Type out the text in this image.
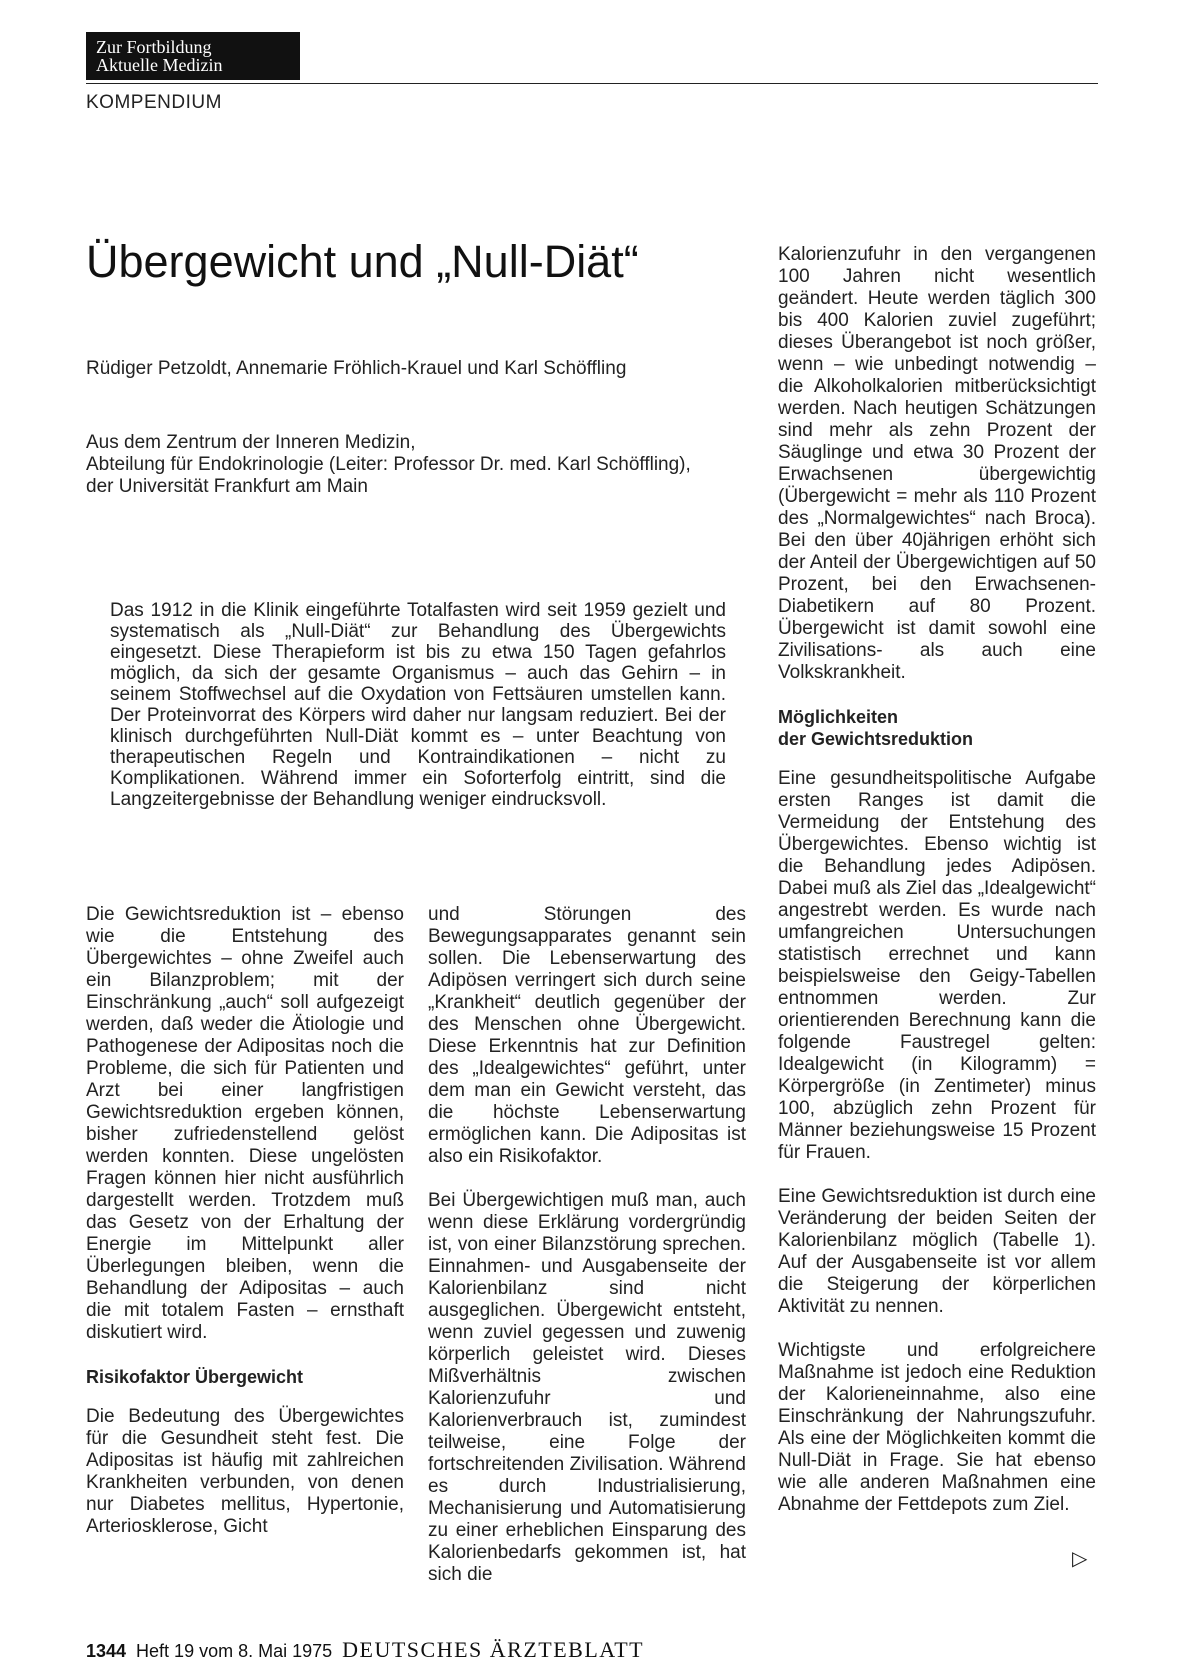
Zur Fortbildung
Aktuelle Medizin
KOMPENDIUM
Übergewicht und „Null-Diät“
Rüdiger Petzoldt, Annemarie Fröhlich-Krauel und Karl Schöffling
Aus dem Zentrum der Inneren Medizin,
Abteilung für Endokrinologie (Leiter: Professor Dr. med. Karl Schöffling),
der Universität Frankfurt am Main
Das 1912 in die Klinik eingeführte Totalfasten wird seit 1959 gezielt und systematisch als „Null-Diät“ zur Behandlung des Übergewichts eingesetzt. Diese Therapieform ist bis zu etwa 150 Tagen gefahrlos möglich, da sich der gesamte Organismus – auch das Gehirn – in seinem Stoffwechsel auf die Oxydation von Fettsäuren umstellen kann. Der Proteinvorrat des Körpers wird daher nur langsam reduziert. Bei der klinisch durchgeführten Null-Diät kommt es – unter Beachtung von therapeutischen Regeln und Kontraindikationen – nicht zu Komplikationen. Während immer ein Soforterfolg eintritt, sind die Langzeitergebnisse der Behandlung weniger eindrucksvoll.

Die Gewichtsreduktion ist – ebenso wie die Entstehung des Übergewichtes – ohne Zweifel auch ein Bilanzproblem; mit der Einschränkung „auch“ soll aufgezeigt werden, daß weder die Ätiologie und Pathogenese der Adipositas noch die Probleme, die sich für Patienten und Arzt bei einer langfristigen Gewichtsreduktion ergeben können, bisher zufriedenstellend gelöst werden konnten. Diese ungelösten Fragen können hier nicht ausführlich dargestellt werden. Trotzdem muß das Gesetz von der Erhaltung der Energie im Mittelpunkt aller Überlegungen bleiben, wenn die Behandlung der Adipositas – auch die mit totalem Fasten – ernsthaft diskutiert wird.

Risikofaktor Übergewicht

Die Bedeutung des Übergewichtes für die Gesundheit steht fest. Die Adipositas ist häufig mit zahlreichen Krankheiten verbunden, von denen nur Diabetes mellitus, Hypertonie, Arteriosklerose, Gicht

und Störungen des Bewegungsapparates genannt sein sollen. Die Lebenserwartung des Adipösen verringert sich durch seine „Krankheit“ deutlich gegenüber der des Menschen ohne Übergewicht. Diese Erkenntnis hat zur Definition des „Idealgewichtes“ geführt, unter dem man ein Gewicht versteht, das die höchste Lebenserwartung ermöglichen kann. Die Adipositas ist also ein Risikofaktor.

Bei Übergewichtigen muß man, auch wenn diese Erklärung vordergründig ist, von einer Bilanzstörung sprechen. Einnahmen- und Ausgabenseite der Kalorienbilanz sind nicht ausgeglichen. Übergewicht entsteht, wenn zuviel gegessen und zuwenig körperlich geleistet wird. Dieses Mißverhältnis zwischen Kalorienzufuhr und Kalorienverbrauch ist, zumindest teilweise, eine Folge der fortschreitenden Zivilisation. Während es durch Industrialisierung, Mechanisierung und Automatisierung zu einer erheblichen Einsparung des Kalorienbedarfs gekommen ist, hat sich die

Kalorienzufuhr in den vergangenen 100 Jahren nicht wesentlich geändert. Heute werden täglich 300 bis 400 Kalorien zuviel zugeführt; dieses Überangebot ist noch größer, wenn – wie unbedingt notwendig – die Alkoholkalorien mitberücksichtigt werden. Nach heutigen Schätzungen sind mehr als zehn Prozent der Säuglinge und etwa 30 Prozent der Erwachsenen übergewichtig (Übergewicht = mehr als 110 Prozent des „Normalgewichtes“ nach Broca). Bei den über 40jährigen erhöht sich der Anteil der Übergewichtigen auf 50 Prozent, bei den Erwachsenen-Diabetikern auf 80 Prozent. Übergewicht ist damit sowohl eine Zivilisations- als auch eine Volkskrankheit.

Möglichkeiten
der Gewichtsreduktion

Eine gesundheitspolitische Aufgabe ersten Ranges ist damit die Vermeidung der Entstehung des Übergewichtes. Ebenso wichtig ist die Behandlung jedes Adipösen. Dabei muß als Ziel das „Idealgewicht“ angestrebt werden. Es wurde nach umfangreichen Untersuchungen statistisch errechnet und kann beispielsweise den Geigy-Tabellen entnommen werden. Zur orientierenden Berechnung kann die folgende Faustregel gelten: Idealgewicht (in Kilogramm) = Körpergröße (in Zentimeter) minus 100, abzüglich zehn Prozent für Männer beziehungsweise 15 Prozent für Frauen.

Eine Gewichtsreduktion ist durch eine Veränderung der beiden Seiten der Kalorienbilanz möglich (Tabelle 1). Auf der Ausgabenseite ist vor allem die Steigerung der körperlichen Aktivität zu nennen.

Wichtigste und erfolgreichere Maßnahme ist jedoch eine Reduktion der Kalorieneinnahme, also eine Einschränkung der Nahrungszufuhr. Als eine der Möglichkeiten kommt die Null-Diät in Frage. Sie hat ebenso wie alle anderen Maßnahmen eine Abnahme der Fettdepots zum Ziel.

▷
1344 Heft 19 vom 8. Mai 1975 DEUTSCHES ÄRZTEBLATT
